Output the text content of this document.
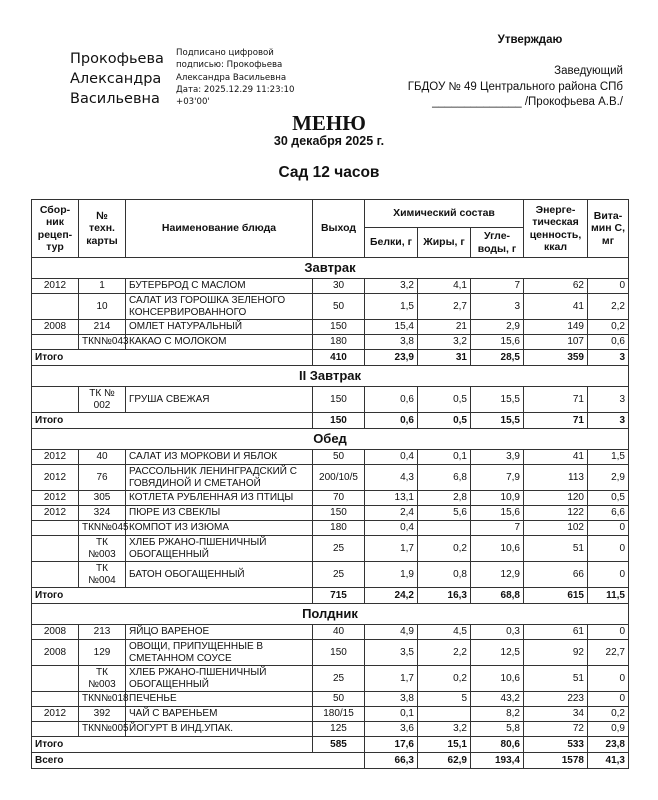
Прокофьева
Александра
Васильевна
Подписано цифровой
подписью: Прокофьева
Александра Васильевна
Дата: 2025.12.29 11:23:10
+03'00'
Утверждаю
Заведующий
ГБДОУ № 49 Центрального района СПб
______________ /Прокофьева А.В./
МЕНЮ
30 декабря 2025 г.
Сад 12 часов
Сбор-ник рецеп-тур	№ техн. карты	Наименование блюда	Выход	Химический состав			Энерге-тическая ценность, ккал	Вита-мин С, мг
				Белки, г	Жиры, г	Угле-воды, г		
Завтрак								
2012	1	БУТЕРБРОД С МАСЛОМ	30	3,2	4,1	7	62	0
	10	САЛАТ ИЗ ГОРОШКА ЗЕЛЕНОГО КОНСЕРВИРОВАННОГО	50	1,5	2,7	3	41	2,2
2008	214	ОМЛЕТ НАТУРАЛЬНЫЙ	150	15,4	21	2,9	149	0,2
	ТКN№043	КАКАО С МОЛОКОМ	180	3,8	3,2	15,6	107	0,6
Итого			410	23,9	31	28,5	359	3
II Завтрак								
	ТК № 002	ГРУША СВЕЖАЯ	150	0,6	0,5	15,5	71	3
Итого			150	0,6	0,5	15,5	71	3
Обед								
2012	40	САЛАТ ИЗ МОРКОВИ И ЯБЛОК	50	0,4	0,1	3,9	41	1,5
2012	76	РАССОЛЬНИК ЛЕНИНГРАДСКИЙ С ГОВЯДИНОЙ И СМЕТАНОЙ	200/10/5	4,3	6,8	7,9	113	2,9
2012	305	КОТЛЕТА РУБЛЕННАЯ ИЗ ПТИЦЫ	70	13,1	2,8	10,9	120	0,5
2012	324	ПЮРЕ ИЗ СВЕКЛЫ	150	2,4	5,6	15,6	122	6,6
	ТКN№045	КОМПОТ ИЗ ИЗЮМА	180	0,4		7	102	0
	ТК №003	ХЛЕБ РЖАНО-ПШЕНИЧНЫЙ ОБОГАЩЕННЫЙ	25	1,7	0,2	10,6	51	0
	ТК №004	БАТОН ОБОГАЩЕННЫЙ	25	1,9	0,8	12,9	66	0
Итого			715	24,2	16,3	68,8	615	11,5
Полдник								
2008	213	ЯЙЦО ВАРЕНОЕ	40	4,9	4,5	0,3	61	0
2008	129	ОВОЩИ, ПРИПУЩЕННЫЕ В СМЕТАННОМ СОУСЕ	150	3,5	2,2	12,5	92	22,7
	ТК №003	ХЛЕБ РЖАНО-ПШЕНИЧНЫЙ ОБОГАЩЕННЫЙ	25	1,7	0,2	10,6	51	0
	ТКN№018	ПЕЧЕНЬЕ	50	3,8	5	43,2	223	0
2012	392	ЧАЙ С ВАРЕНЬЕМ	180/15	0,1		8,2	34	0,2
	ТКN№005	ЙОГУРТ В ИНД.УПАК.	125	3,6	3,2	5,8	72	0,9
Итого			585	17,6	15,1	80,6	533	23,8
Всего				66,3	62,9	193,4	1578	41,3
